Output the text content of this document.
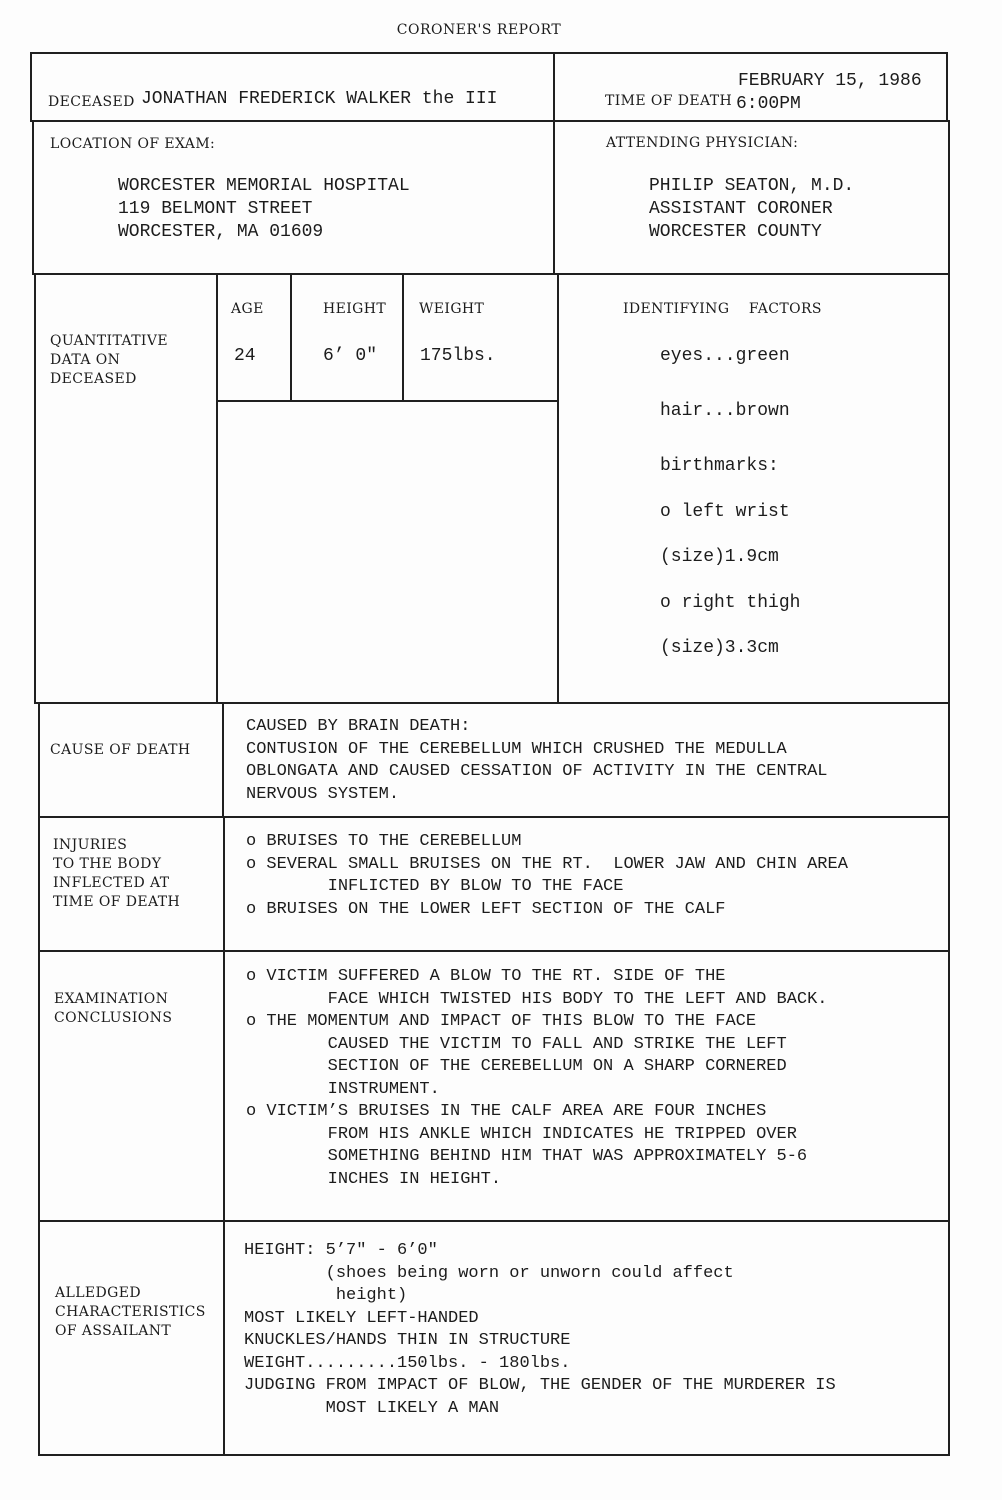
CORONER'S REPORT
DECEASED JONATHAN FREDERICK WALKER the III
FEBRUARY 15, 1986
TIME OF DEATH 6:00PM
LOCATION OF EXAM:
WORCESTER MEMORIAL HOSPITAL
119 BELMONT STREET
WORCESTER, MA 01609
ATTENDING PHYSICIAN:
PHILIP SEATON, M.D.
ASSISTANT CORONER
WORCESTER COUNTY
QUANTITATIVE
DATA ON
DECEASED
AGE	HEIGHT WEIGHT
24	6’ 0" 175lbs.
IDENTIFYING    FACTORS
eyes...green
hair...brown
birthmarks:
o left wrist
(size)1.9cm
o right thigh
(size)3.3cm
CAUSE OF DEATH
CAUSED BY BRAIN DEATH:
CONTUSION OF THE CEREBELLUM WHICH CRUSHED THE MEDULLA
OBLONGATA AND CAUSED CESSATION OF ACTIVITY IN THE CENTRAL
NERVOUS SYSTEM.
INJURIES
TO THE BODY
INFLECTED AT
TIME OF DEATH
o BRUISES TO THE CEREBELLUM
o SEVERAL SMALL BRUISES ON THE RT.  LOWER JAW AND CHIN AREA
INFLICTED BY BLOW TO THE FACE
o BRUISES ON THE LOWER LEFT SECTION OF THE CALF
EXAMINATION
CONCLUSIONS
o VICTIM SUFFERED A BLOW TO THE RT. SIDE OF THE
FACE WHICH TWISTED HIS BODY TO THE LEFT AND BACK.
o THE MOMENTUM AND IMPACT OF THIS BLOW TO THE FACE
CAUSED THE VICTIM TO FALL AND STRIKE THE LEFT
SECTION OF THE CEREBELLUM ON A SHARP CORNERED
INSTRUMENT.
o VICTIM’S BRUISES IN THE CALF AREA ARE FOUR INCHES
FROM HIS ANKLE WHICH INDICATES HE TRIPPED OVER
SOMETHING BEHIND HIM THAT WAS APPROXIMATELY 5-6
INCHES IN HEIGHT.
ALLEDGED
CHARACTERISTICS
OF ASSAILANT
HEIGHT: 5’7" - 6’0"
(shoes being worn or unworn could affect
height)
MOST LIKELY LEFT-HANDED
KNUCKLES/HANDS THIN IN STRUCTURE
WEIGHT.........150lbs. - 180lbs.
JUDGING FROM IMPACT OF BLOW, THE GENDER OF THE MURDERER IS
MOST LIKELY A MAN
